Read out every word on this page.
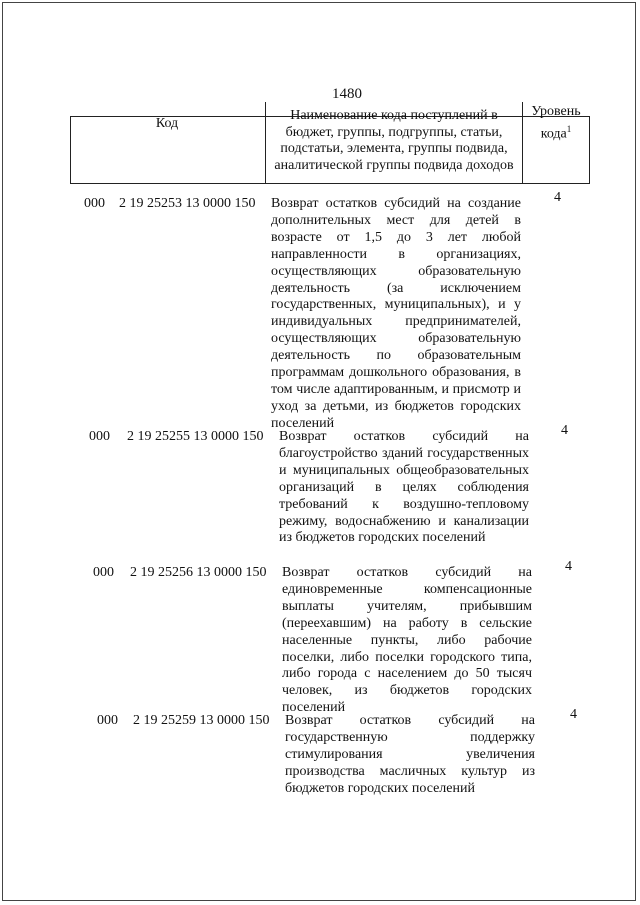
1480
Код
Наименование кода поступлений в бюджет, группы, подгруппы, статьи, подстатьи, элемента, группы подвида, аналитической группы подвида доходов
Уровень кода$^1$
000 2 19 25253 13 0000 150 Возврат остатков субсидий на создание дополнительных мест для детей в возрасте от 1,5 до 3 лет любой направленности в организациях, осуществляющих образовательную деятельность (за исключением государственных, муниципальных), и у индивидуальных предпринимателей, осуществляющих образовательную деятельность по образовательным программам дошкольного образования, в том числе адаптированным, и присмотр и уход за детьми, из бюджетов городских поселений
4
000 2 19 25255 13 0000 150 Возврат остатков субсидий на благоустройство зданий государственных и муниципальных общеобразовательных организаций в целях соблюдения требований к воздушно-тепловому режиму, водоснабжению и канализации из бюджетов городских поселений
4
000 2 19 25256 13 0000 150 Возврат остатков субсидий на единовременные компенсационные выплаты учителям, прибывшим (переехавшим) на работу в сельские населенные пункты, либо рабочие поселки, либо поселки городского типа, либо города с населением до 50 тысяч человек, из бюджетов городских поселений
4
000 2 19 25259 13 0000 150 Возврат остатков субсидий на государственную поддержку стимулирования увеличения производства масличных культур из бюджетов городских поселений
4
